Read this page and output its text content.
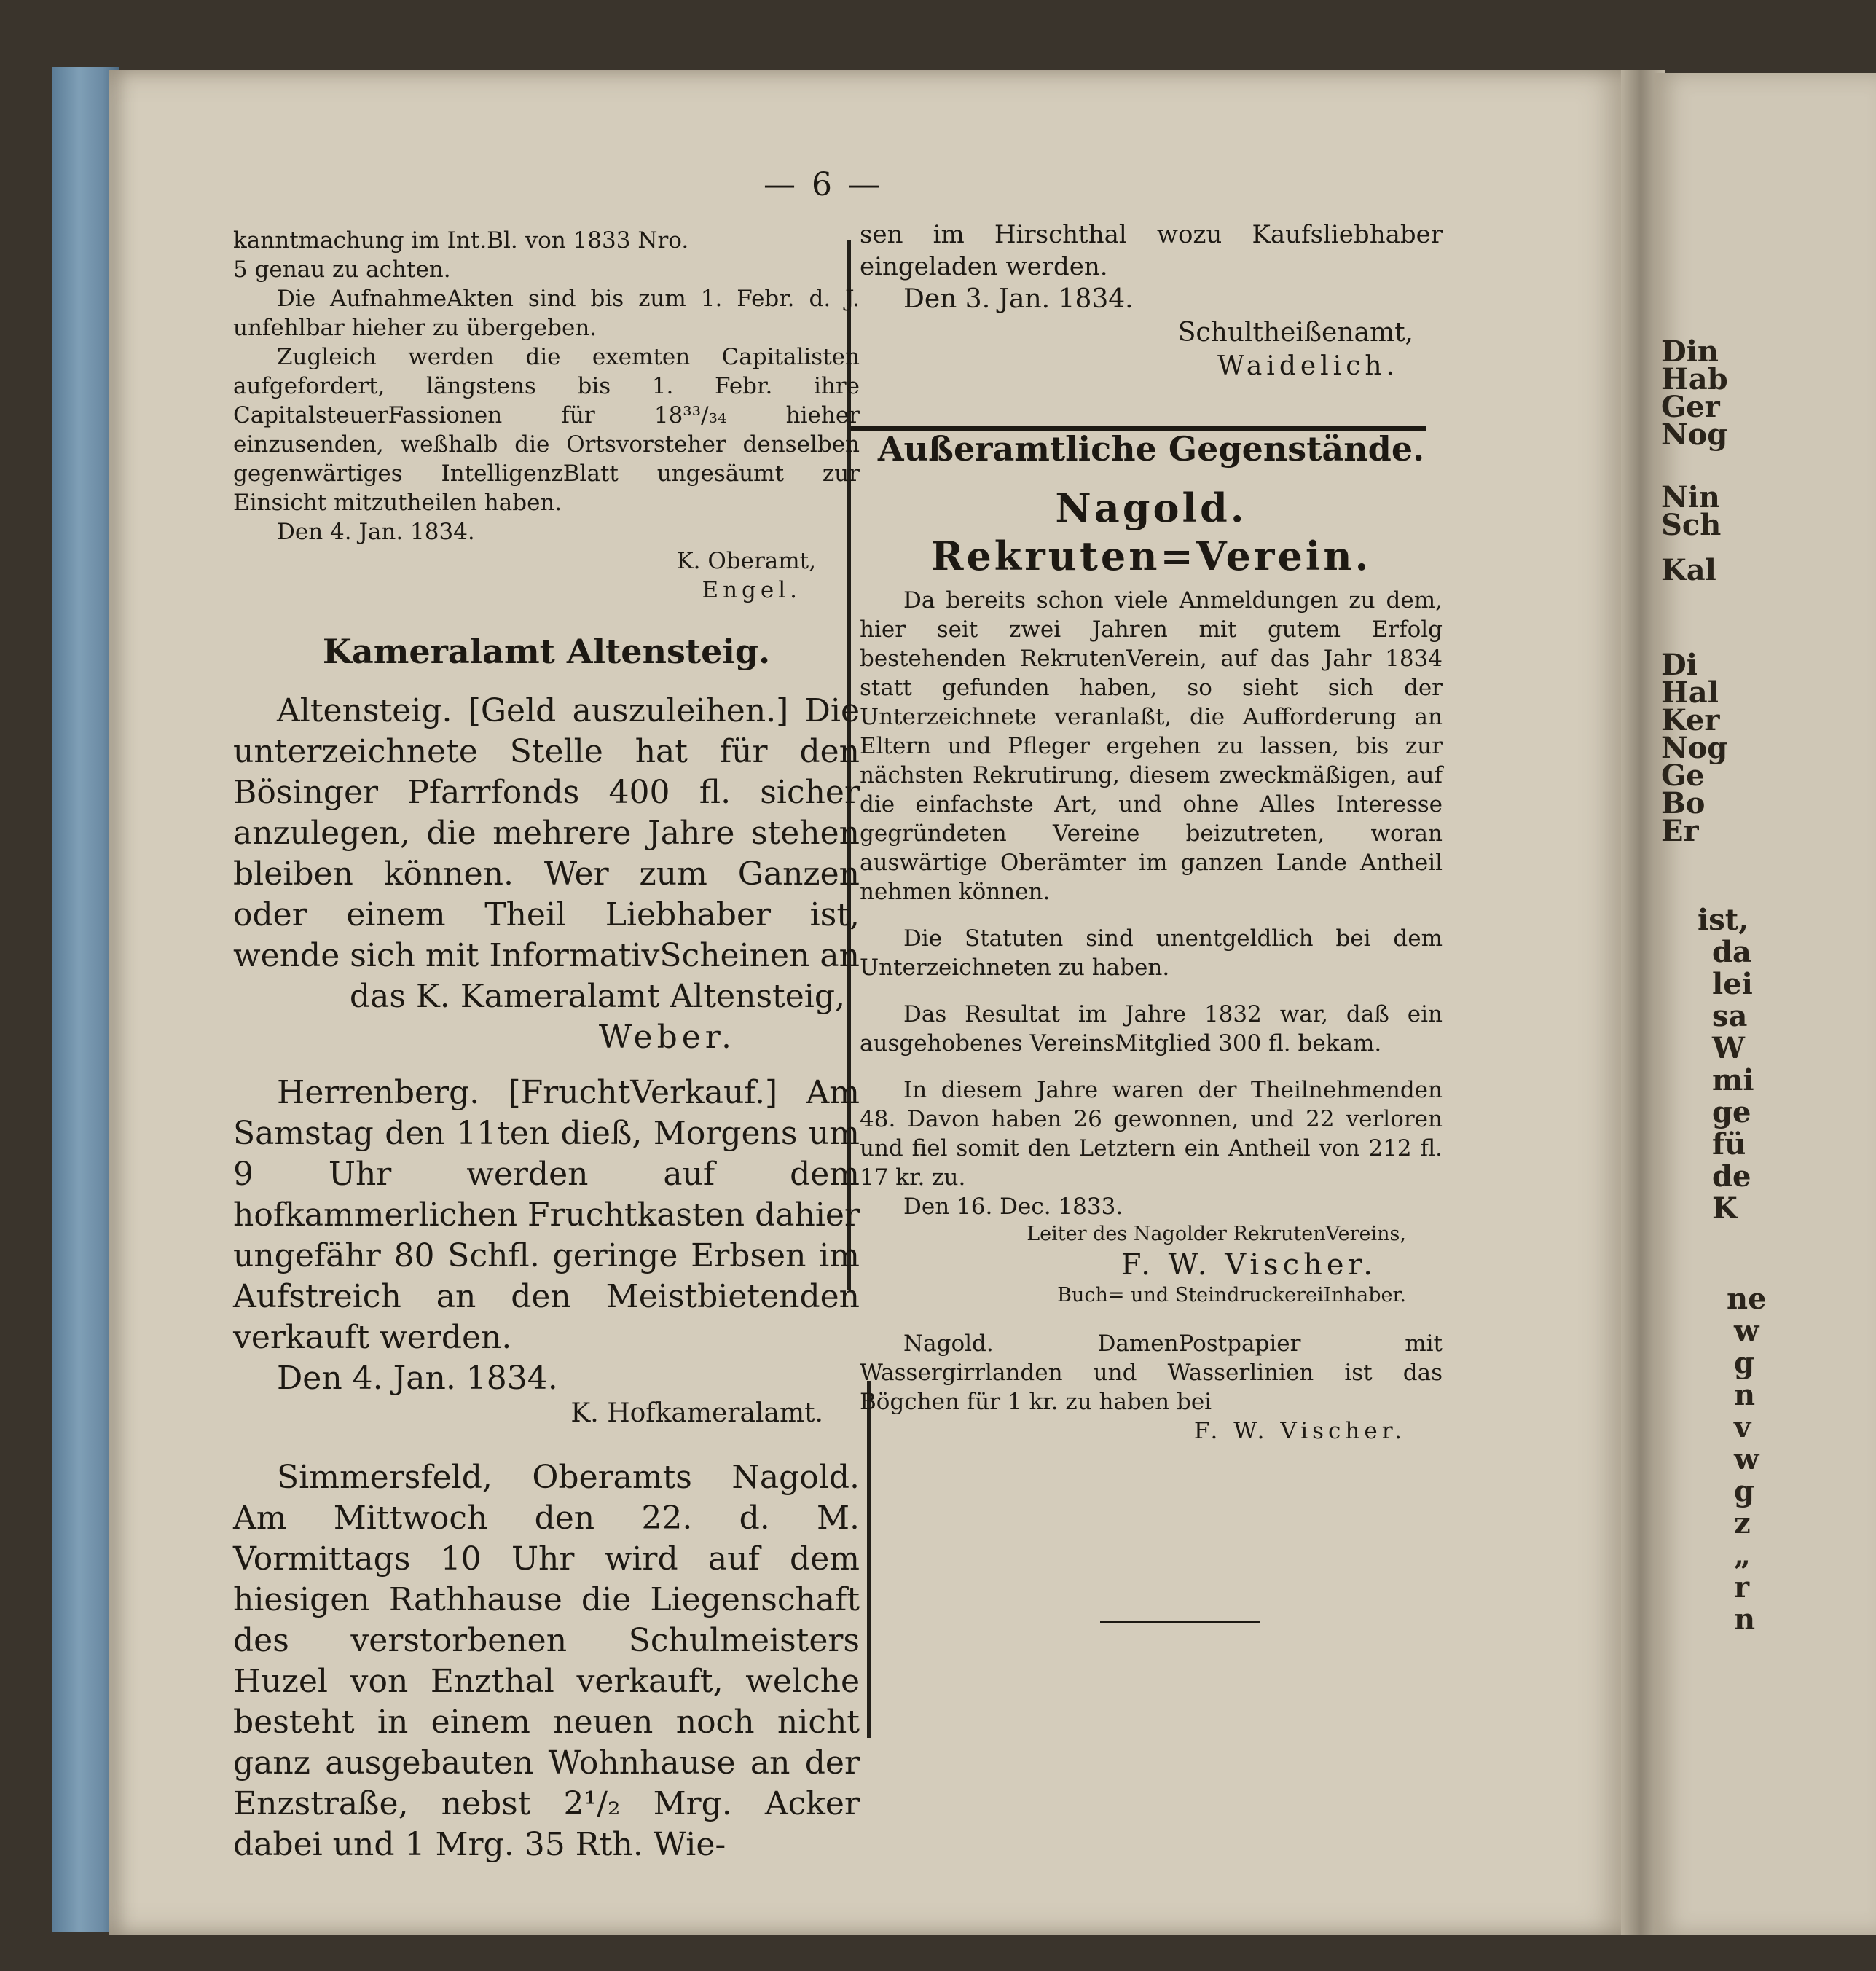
Din
Hab
Ger
Nog
Nin
Sch
Kal
Di
Hal
Ker
Nog
Ge
Bo
Er
ist,
da
lei
sa
W
mi
ge
fü
de
K
ne
w
g
n
v
w
g
z
„
r
n
— 6 —

kanntmachung im Int.Bl. von 1833 Nro.

5 genau zu achten.

Die AufnahmeAkten sind bis zum 1. Febr. d. J. unfehlbar hieher zu übergeben.

Zugleich werden die exemten Capitalisten aufgefordert, längstens bis 1. Febr. ihre CapitalsteuerFassionen für 18³³/₃₄ hieher einzusenden, weßhalb die Ortsvorsteher denselben gegenwärtiges IntelligenzBlatt ungesäumt zur Einsicht mitzutheilen haben.

Den 4. Jan. 1834.

K. Oberamt,

Engel.

Kameralamt Altensteig.

Altensteig. [Geld auszuleihen.] Die unterzeichnete Stelle hat für den Bösinger Pfarrfonds 400 fl. sicher anzulegen, die mehrere Jahre stehen bleiben können. Wer zum Ganzen oder einem Theil Liebhaber ist, wende sich mit InformativScheinen an

das K. Kameralamt Altensteig,

Weber.

Herrenberg. [FruchtVerkauf.] Am Samstag den 11ten dieß, Morgens um 9 Uhr werden auf dem hofkammerlichen Fruchtkasten dahier ungefähr 80 Schfl. geringe Erbsen im Aufstreich an den Meistbietenden verkauft werden.

Den 4. Jan. 1834.

K. Hofkameralamt.

Simmersfeld, Oberamts Nagold. Am Mittwoch den 22. d. M. Vormittags 10 Uhr wird auf dem hiesigen Rathhause die Liegenschaft des verstorbenen Schulmeisters Huzel von Enzthal verkauft, welche besteht in einem neuen noch nicht ganz ausgebauten Wohnhause an der Enzstraße, nebst 2¹/₂ Mrg. Acker dabei und 1 Mrg. 35 Rth. Wie-

sen im Hirschthal wozu Kaufsliebhaber eingeladen werden.

Den 3. Jan. 1834.

Schultheißenamt,

Waidelich.

Außeramtliche Gegenstände.

Nagold. Rekruten=Verein.

Da bereits schon viele Anmeldungen zu dem, hier seit zwei Jahren mit gutem Erfolg bestehenden RekrutenVerein, auf das Jahr 1834 statt gefunden haben, so sieht sich der Unterzeichnete veranlaßt, die Aufforderung an Eltern und Pfleger ergehen zu lassen, bis zur nächsten Rekrutirung, diesem zweckmäßigen, auf die einfachste Art, und ohne Alles Interesse gegründeten Vereine beizutreten, woran auswärtige Oberämter im ganzen Lande Antheil nehmen können.

Die Statuten sind unentgeldlich bei dem Unterzeichneten zu haben.

Das Resultat im Jahre 1832 war, daß ein ausgehobenes VereinsMitglied 300 fl. bekam.

In diesem Jahre waren der Theilnehmenden 48. Davon haben 26 gewonnen, und 22 verloren und fiel somit den Letztern ein Antheil von 212 fl. 17 kr. zu.

Den 16. Dec. 1833.

Leiter des Nagolder RekrutenVereins,

F. W. Vischer.

Buch= und SteindruckereiInhaber.

Nagold. DamenPostpapier mit Wassergirrlanden und Wasserlinien ist das Bögchen für 1 kr. zu haben bei

F. W. Vischer.
